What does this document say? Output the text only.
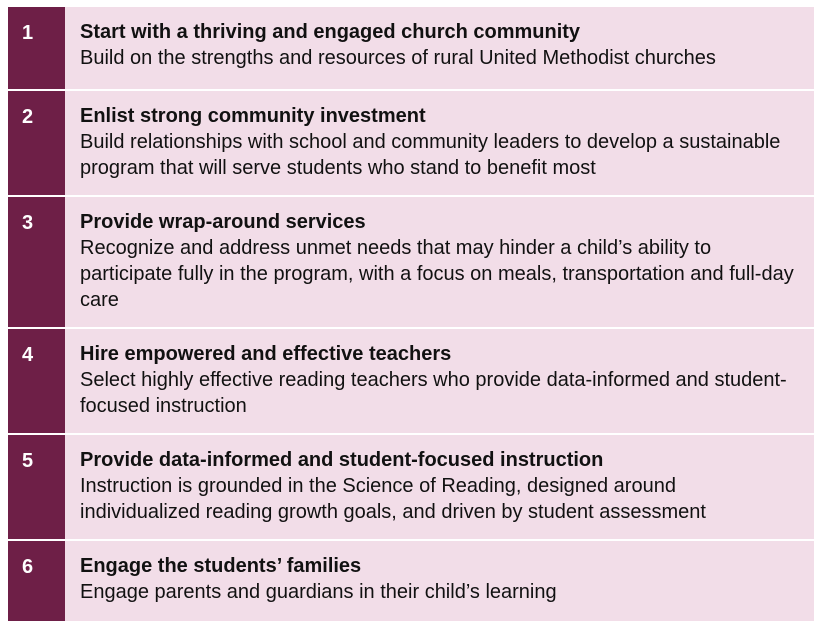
1	Start with a thriving and engaged church community
Build on the strengths and resources of rural United Methodist churches
2	Enlist strong community investment
Build relationships with school and community leaders to develop a sustainable program that will serve students who stand to benefit most
3	Provide wrap-around services
Recognize and address unmet needs that may hinder a child’s ability to participate fully in the program, with a focus on meals, transportation and full-day care
4	Hire empowered and effective teachers
Select highly effective reading teachers who provide data-informed and student-focused instruction
5	Provide data-informed and student-focused instruction
Instruction is grounded in the Science of Reading, designed around individualized reading growth goals, and driven by student assessment
6	Engage the students’ families
Engage parents and guardians in their child’s learning
